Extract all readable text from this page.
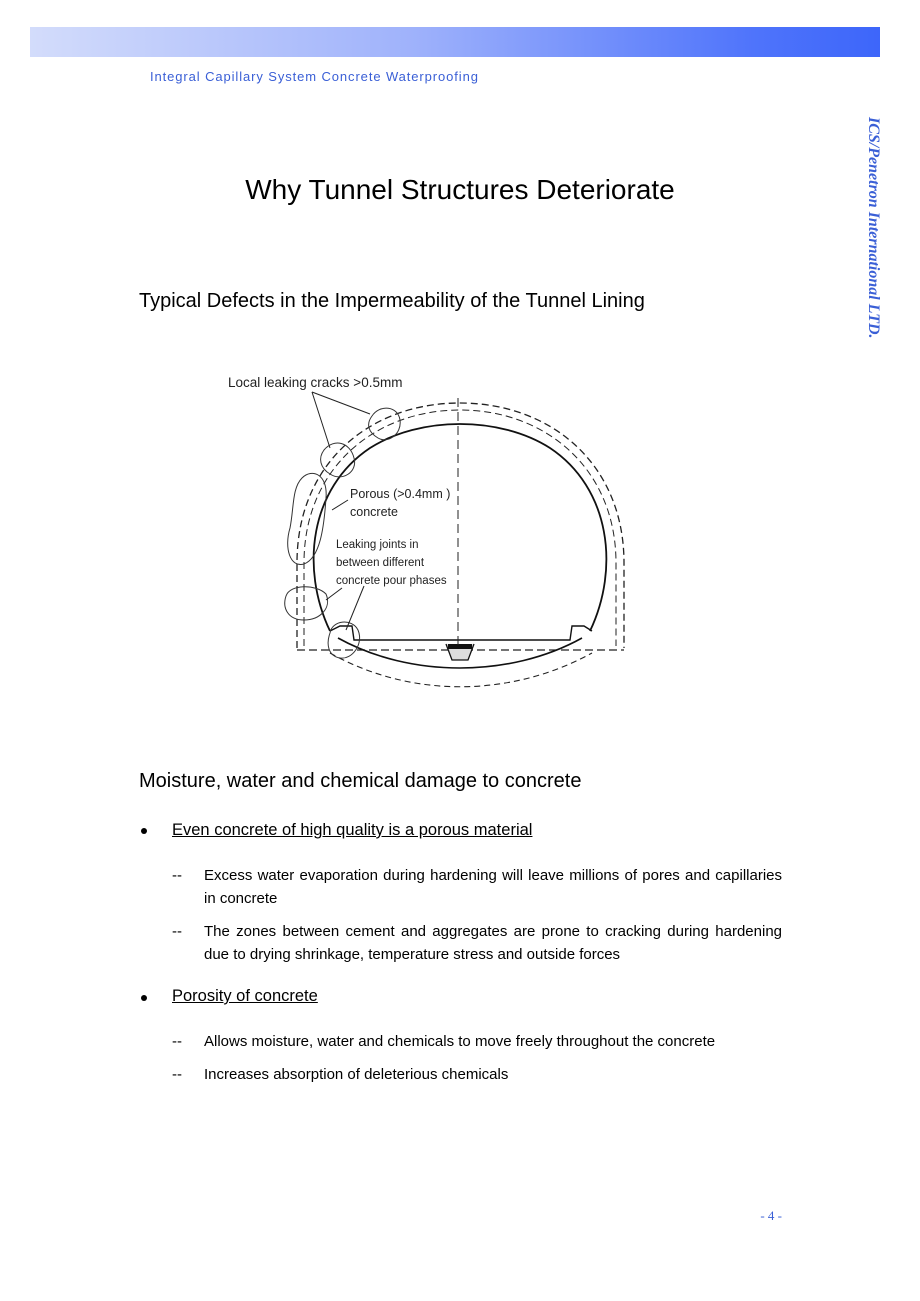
Integral Capillary System Concrete Waterproofing
ICS/Penetron International LTD.
Why Tunnel Structures Deteriorate
Typical Defects in the Impermeability of the Tunnel Lining
Local leaking cracks >0.5mm
Porous (>0.4mm )
concrete
Leaking joints in
between different
concrete pour phases
Moisture, water and chemical damage to concrete
Even concrete of high quality is a porous material
-- Excess water evaporation during hardening will leave millions of pores and capillaries in concrete
-- The zones between cement and aggregates are prone to cracking during hardening due to drying shrinkage, temperature stress and outside forces
Porosity of concrete
-- Allows moisture, water and chemicals to move freely throughout the concrete
-- Increases absorption of deleterious chemicals
- 4 -
